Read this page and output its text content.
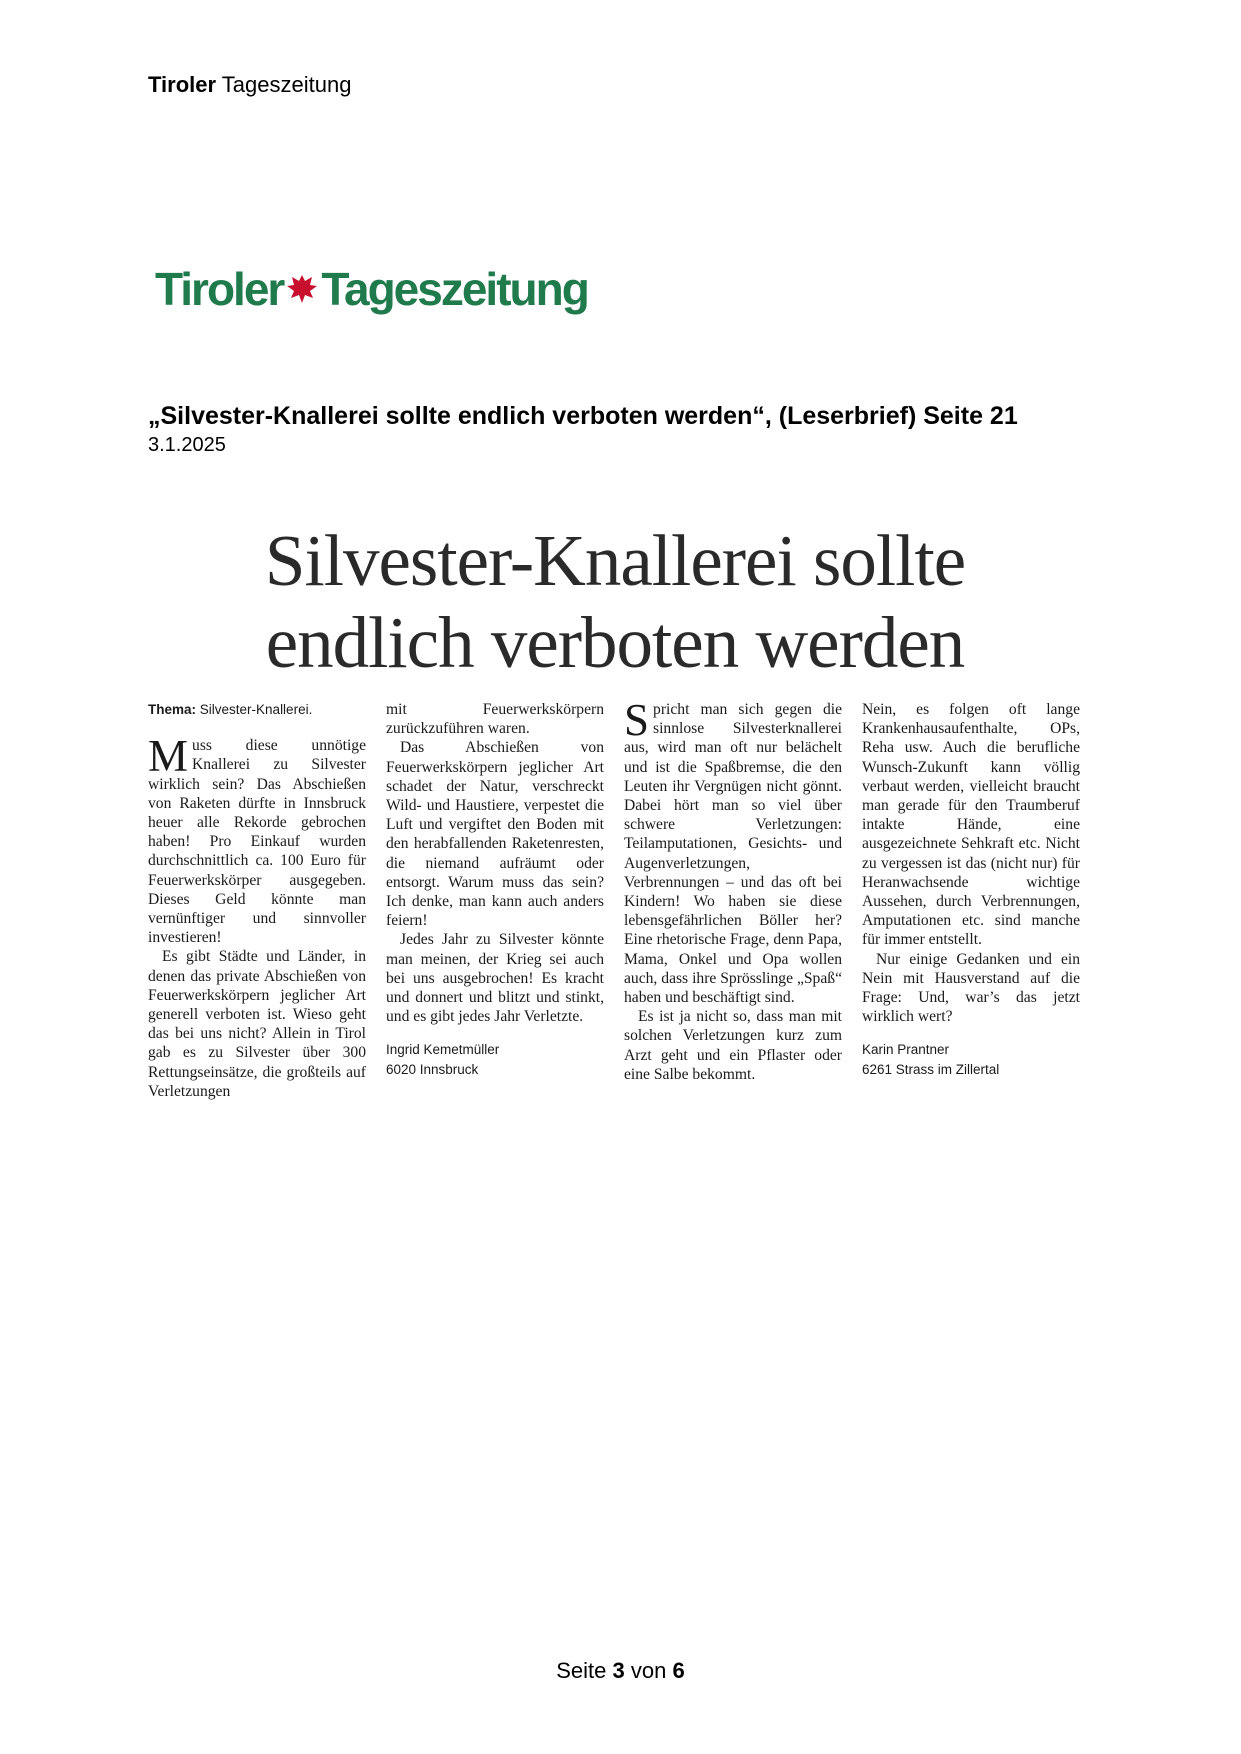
Tiroler Tageszeitung
Tiroler Tageszeitung
„Silvester-Knallerei sollte endlich verboten werden“, (Leserbrief) Seite 21
3.1.2025
Silvester-Knallerei sollte
endlich verboten werden

Thema: Silvester-Knallerei.

Muss diese unnötige Knallerei zu Silvester wirklich sein? Das Abschießen von Raketen dürfte in Innsbruck heuer alle Rekorde gebrochen haben! Pro Einkauf wurden durchschnittlich ca. 100 Euro für Feuerwerkskörper ausgegeben. Dieses Geld könnte man vernünftiger und sinnvoller investieren!

Es gibt Städte und Länder, in denen das private Abschießen von Feuerwerkskörpern jeglicher Art generell verboten ist. Wieso geht das bei uns nicht? Allein in Tirol gab es zu Silvester über 300 Rettungseinsätze, die großteils auf Verletzungen

mit Feuerwerkskörpern zurückzuführen waren.

Das Abschießen von Feuerwerkskörpern jeglicher Art schadet der Natur, verschreckt Wild- und Haustiere, verpestet die Luft und vergiftet den Boden mit den herabfallenden Raketenresten, die niemand aufräumt oder entsorgt. Warum muss das sein? Ich denke, man kann auch anders feiern!

Jedes Jahr zu Silvester könnte man meinen, der Krieg sei auch bei uns ausgebrochen! Es kracht und donnert und blitzt und stinkt, und es gibt jedes Jahr Verletzte.

Ingrid Kemetmüller
6020 Innsbruck

Spricht man sich gegen die sinnlose Silvesterknallerei aus, wird man oft nur belächelt und ist die Spaßbremse, die den Leuten ihr Vergnügen nicht gönnt. Dabei hört man so viel über schwere Verletzungen: Teilamputationen, Gesichts- und Augenverletzungen, Verbrennungen – und das oft bei Kindern! Wo haben sie diese lebensgefährlichen Böller her? Eine rhetorische Frage, denn Papa, Mama, Onkel und Opa wollen auch, dass ihre Sprösslinge „Spaß“ haben und beschäftigt sind.

Es ist ja nicht so, dass man mit solchen Verletzungen kurz zum Arzt geht und ein Pflaster oder eine Salbe bekommt.

Nein, es folgen oft lange Krankenhausaufenthalte, OPs, Reha usw. Auch die berufliche Wunsch-Zukunft kann völlig verbaut werden, vielleicht braucht man gerade für den Traumberuf intakte Hände, eine ausgezeichnete Sehkraft etc. Nicht zu vergessen ist das (nicht nur) für Heranwachsende wichtige Aussehen, durch Verbrennungen, Amputationen etc. sind manche für immer entstellt.

Nur einige Gedanken und ein Nein mit Hausverstand auf die Frage: Und, war’s das jetzt wirklich wert?

Karin Prantner
6261 Strass im Zillertal
Seite 3 von 6
